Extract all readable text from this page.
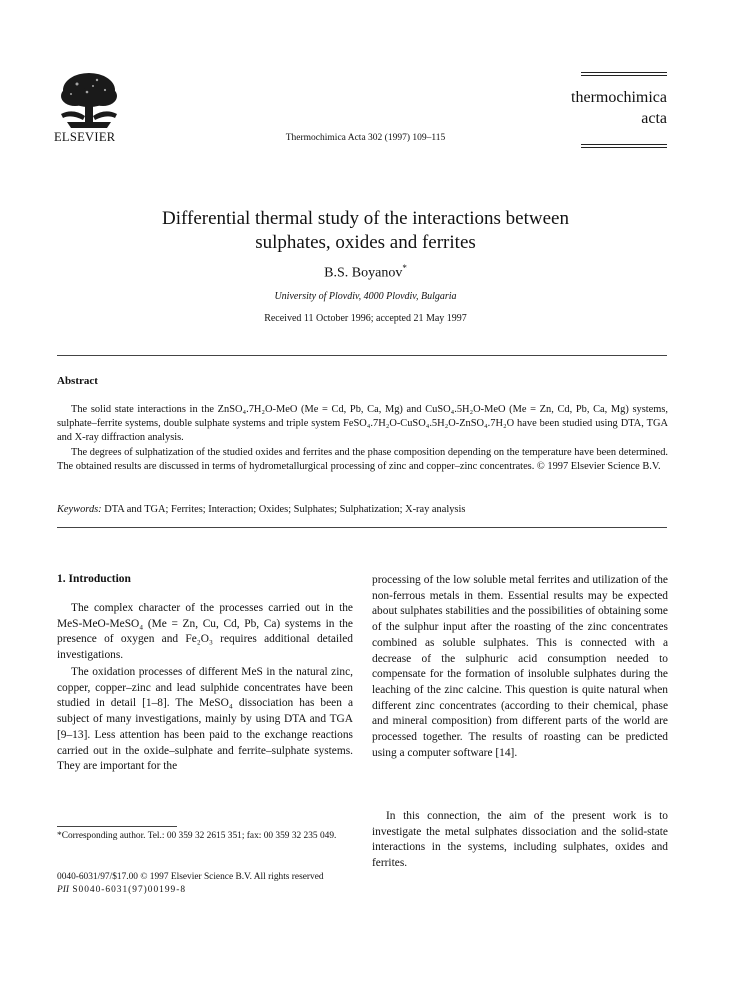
ELSEVIER	Thermochimica Acta 302 (1997) 109–115
thermochimica
acta
Differential thermal study of the interactions between
sulphates, oxides and ferrites
B.S. Boyanov*
University of Plovdiv, 4000 Plovdiv, Bulgaria
Received 11 October 1996; accepted 21 May 1997
Abstract
The solid state interactions in the ZnSO₄.7H₂O-MeO (Me = Cd, Pb, Ca, Mg) and CuSO₄.5H₂O-MeO (Me = Zn, Cd, Pb, Ca, Mg) systems, sulphate–ferrite systems, double sulphate systems and triple system FeSO₄.7H₂O-CuSO₄.5H₂O-ZnSO₄.7H₂O have been studied using DTA, TGA and X-ray diffraction analysis.
The degrees of sulphatization of the studied oxides and ferrites and the phase composition depending on the temperature have been determined. The obtained results are discussed in terms of hydrometallurgical processing of zinc and copper–zinc concentrates. © 1997 Elsevier Science B.V.
Keywords: DTA and TGA; Ferrites; Interaction; Oxides; Sulphates; Sulphatization; X-ray analysis
1. Introduction

The complex character of the processes carried out in the MeS-MeO-MeSO₄ (Me = Zn, Cu, Cd, Pb, Ca) systems in the presence of oxygen and Fe₂O₃ requires additional detailed investigations.

The oxidation processes of different MeS in the natural zinc, copper, copper–zinc and lead sulphide concentrates have been studied in detail [1–8]. The MeSO₄ dissociation has been a subject of many investigations, mainly by using DTA and TGA [9–13]. Less attention has been paid to the exchange reactions carried out in the oxide–sulphate and ferrite–sulphate systems. They are important for the

processing of the low soluble metal ferrites and utilization of the non-ferrous metals in them. Essential results may be expected about sulphates stabilities and the possibilities of obtaining some of the sulphur input after the roasting of the zinc concentrates combined as soluble sulphates. This is connected with a decrease of the sulphuric acid consumption needed to compensate for the formation of insoluble sulphates during the leaching of the zinc calcine. This question is quite natural when different zinc concentrates (according to their chemical, phase and mineral composition) from different parts of the world are processed together. The results of roasting can be predicted using a computer software [14].

In this connection, the aim of the present work is to investigate the metal sulphates dissociation and the solid-state interactions in the systems, including sulphates, oxides and ferrites.

*Corresponding author. Tel.: 00 359 32 2615 351; fax: 00 359 32 235 049.
0040-6031/97/$17.00 © 1997 Elsevier Science B.V. All rights reserved
PII S0040-6031(97)00199-8
